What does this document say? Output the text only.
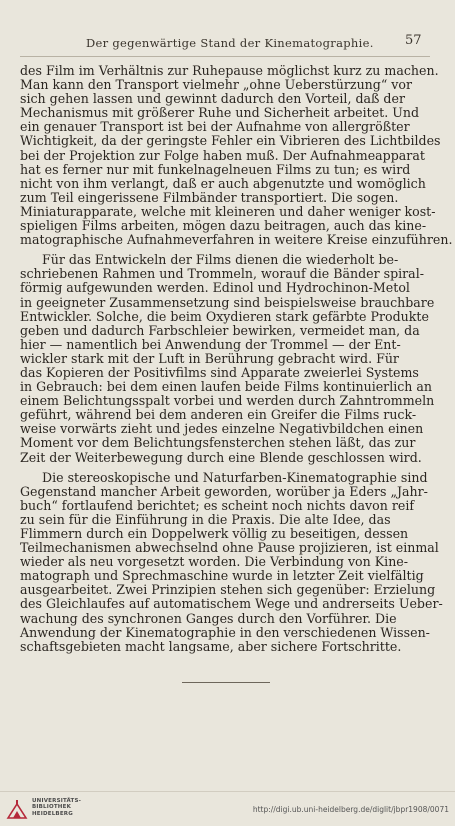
Der gegenwärtige Stand der Kinematographie.	57
des Film im Verhältnis zur Ruhepause möglichst kurz zu machen.
Man kann den Transport vielmehr „ohne Ueberstürzung“ vor
sich gehen lassen und gewinnt dadurch den Vorteil, daß der
Mechanismus mit größerer Ruhe und Sicherheit arbeitet. Und
ein genauer Transport ist bei der Aufnahme von allergrößter
Wichtigkeit, da der geringste Fehler ein Vibrieren des Lichtbildes
bei der Projektion zur Folge haben muß. Der Aufnahmeapparat
hat es ferner nur mit funkelnagelneuen Films zu tun; es wird
nicht von ihm verlangt, daß er auch abgenutzte und womöglich
zum Teil eingerissene Filmbänder transportiert. Die sogen.
Miniaturapparate, welche mit kleineren und daher weniger kost-
spieligen Films arbeiten, mögen dazu beitragen, auch das kine-
matographische Aufnahmeverfahren in weitere Kreise einzuführen.
Für das Entwickeln der Films dienen die wiederholt be-
schriebenen Rahmen und Trommeln, worauf die Bänder spiral-
förmig aufgewunden werden. Edinol und Hydrochinon-Metol
in geeigneter Zusammensetzung sind beispielsweise brauchbare
Entwickler. Solche, die beim Oxydieren stark gefärbte Produkte
geben und dadurch Farbschleier bewirken, vermeidet man, da
hier — namentlich bei Anwendung der Trommel — der Ent-
wickler stark mit der Luft in Berührung gebracht wird. Für
das Kopieren der Positivfilms sind Apparate zweierlei Systems
in Gebrauch: bei dem einen laufen beide Films kontinuierlich an
einem Belichtungsspalt vorbei und werden durch Zahntrommeln
geführt, während bei dem anderen ein Greifer die Films ruck-
weise vorwärts zieht und jedes einzelne Negativbildchen einen
Moment vor dem Belichtungsfensterchen stehen läßt, das zur
Zeit der Weiterbewegung durch eine Blende geschlossen wird.
Die stereoskopische und Naturfarben-Kinematographie sind
Gegenstand mancher Arbeit geworden, worüber ja Eders „Jahr-
buch“ fortlaufend berichtet; es scheint noch nichts davon reif
zu sein für die Einführung in die Praxis. Die alte Idee, das
Flimmern durch ein Doppelwerk völlig zu beseitigen, dessen
Teilmechanismen abwechselnd ohne Pause projizieren, ist einmal
wieder als neu vorgesetzt worden. Die Verbindung von Kine-
matograph und Sprechmaschine wurde in letzter Zeit vielfältig
ausgearbeitet. Zwei Prinzipien stehen sich gegenüber: Erzielung
des Gleichlaufes auf automatischem Wege und andrerseits Ueber-
wachung des synchronen Ganges durch den Vorführer. Die
Anwendung der Kinematographie in den verschiedenen Wissen-
schaftsgebieten macht langsame, aber sichere Fortschritte.
UNIVERSITÄTS-
BIBLIOTHEK
HEIDELBERG	http://digi.ub.uni-heidelberg.de/diglit/jbpr1908/0071
